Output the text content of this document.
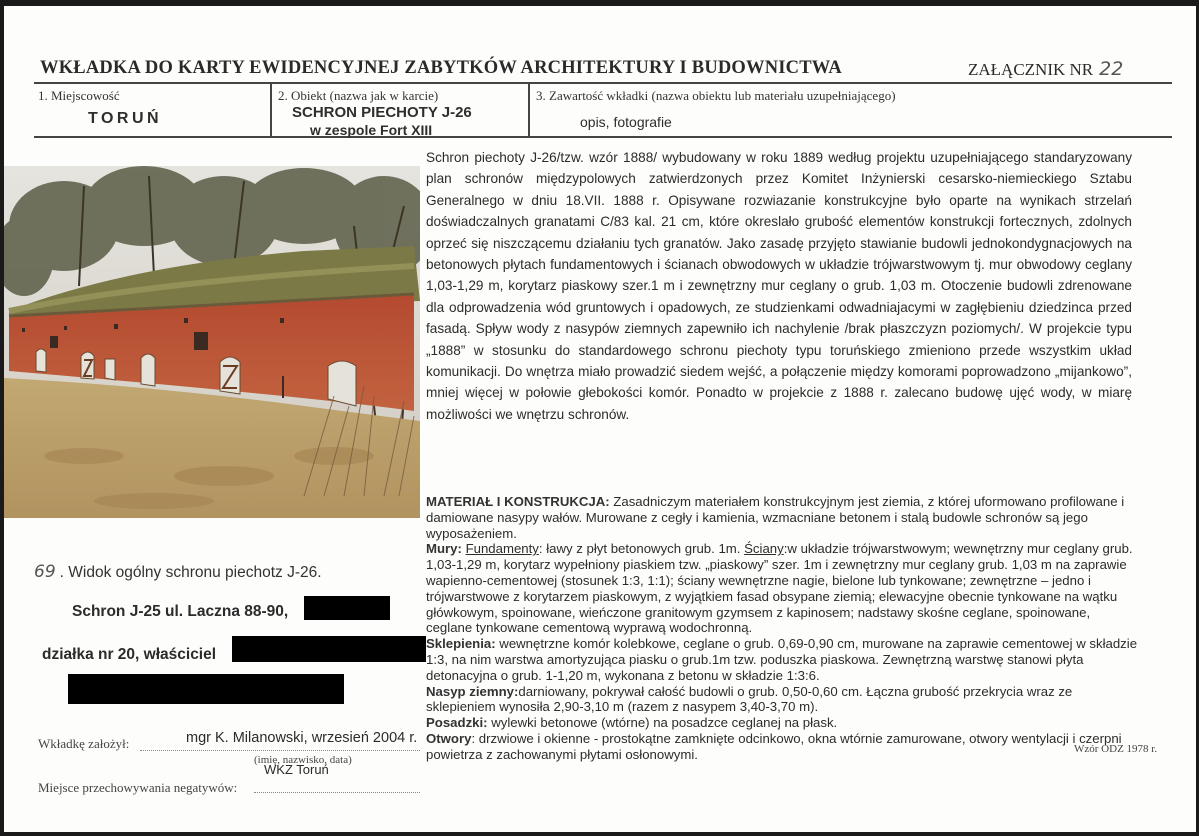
WKŁADKA DO KARTY EWIDENCYJNEJ ZABYTKÓW ARCHITEKTURY I BUDOWNICTWA	ZAŁĄCZNIK NR 22
1. Miejscowość
TORUŃ
2. Obiekt (nazwa jak w karcie)
SCHRON PIECHOTY J-26
w zespole Fort XIII
3. Zawartość wkładki (nazwa obiektu lub materiału uzupełniającego)
opis, fotografie

Schron piechoty J-26/tzw. wzór 1888/ wybudowany w roku 1889 według projektu uzupełniającego standaryzowany plan schronów międzypolowych zatwierdzonych przez Komitet Inżynierski cesarsko-niemieckiego Sztabu Generalnego w dniu 18.VII. 1888 r. Opisywane rozwiazanie konstrukcyjne było oparte na wynikach strzelań doświadczalnych granatami C/83 kal. 21 cm, które okreslało grubość elementów konstrukcji fortecznych, zdolnych oprzeć się niszczącemu działaniu tych granatów. Jako zasadę przyjęto stawianie budowli jednokondygnacjowych na betonowych płytach fundamentowych i ścianach obwodowych w układzie trójwarstwowym tj. mur obwodowy ceglany 1,03-1,29 m, korytarz piaskowy szer.1 m i zewnętrzny mur ceglany o grub. 1,03 m. Otoczenie budowli zdrenowane dla odprowadzenia wód gruntowych i opadowych, ze studzienkami odwadniajacymi w zagłębieniu dziedzinca przed fasadą. Spływ wody z nasypów ziemnych zapewniło ich nachylenie /brak płaszczyzn poziomych/. W projekcie typu „1888” w stosunku do standardowego schronu piechoty typu toruńskiego zmieniono przede wszystkim układ komunikacji. Do wnętrza miało prowadzić siedem wejść, a połączenie między komorami poprowadzono „mijankowo”, mniej więcej w połowie głebokości komór. Ponadto w projekcie z 1888 r. zalecano budowę ujęć wody, w miarę możliwości we wnętrzu schronów.

MATERIAŁ I KONSTRUKCJA: Zasadniczym materiałem konstrukcyjnym jest ziemia, z której uformowano profilowane i damiowane nasypy wałów. Murowane z cegły i kamienia, wzmacniane betonem i stalą budowle schronów są jego wyposażeniem.

Mury: Fundamenty: ławy z płyt betonowych grub. 1m. Ściany:w układzie trójwarstwowym; wewnętrzny mur ceglany grub. 1,03-1,29 m, korytarz wypełniony piaskiem tzw. „piaskowy” szer. 1m i zewnętrzny mur ceglany grub. 1,03 m na zaprawie wapienno-cementowej (stosunek 1:3, 1:1); ściany wewnętrzne nagie, bielone lub tynkowane; zewnętrzne – jedno i trójwarstwowe z korytarzem piaskowym, z wyjątkiem fasad obsypane ziemią; elewacyjne obecnie tynkowane na wątku główkowym, spoinowane, wieńczone granitowym gzymsem z kapinosem; nadstawy skośne ceglane, spoinowane, ceglane tynkowane cementową wyprawą wodochronną.

Sklepienia: wewnętrzne komór kolebkowe, ceglane o grub. 0,69-0,90 cm, murowane na zaprawie cementowej w składzie 1:3, na nim warstwa amortyzująca piasku o grub.1m tzw. poduszka piaskowa. Zewnętrzną warstwę stanowi płyta detonacyjna o grub. 1-1,20 m, wykonana z betonu w składzie 1:3:6.

Nasyp ziemny:darniowany, pokrywał całość budowli o grub. 0,50-0,60 cm. Łączna grubość przekrycia wraz ze sklepieniem wynosiła 2,90-3,10 m (razem z nasypem 3,40-3,70 m).

Posadzki: wylewki betonowe (wtórne) na posadzce ceglanej na płask.

Otwory: drzwiowe i okienne - prostokątne zamknięte odcinkowo, okna wtórnie zamurowane, otwory wentylacji i czerpni powietrza z zachowanymi płytami osłonowymi.

69 . Widok ogólny schronu piechotz J-26.
Schron J-25 ul. Laczna 88-90,
działka nr 20, właściciel
Wkładkę założył:	mgr K. Milanowski, wrzesień 2004 r.
(imię, nazwisko, data)
WKZ Toruń
Miejsce przechowywania negatywów:
Wzór ODZ 1978 r.
